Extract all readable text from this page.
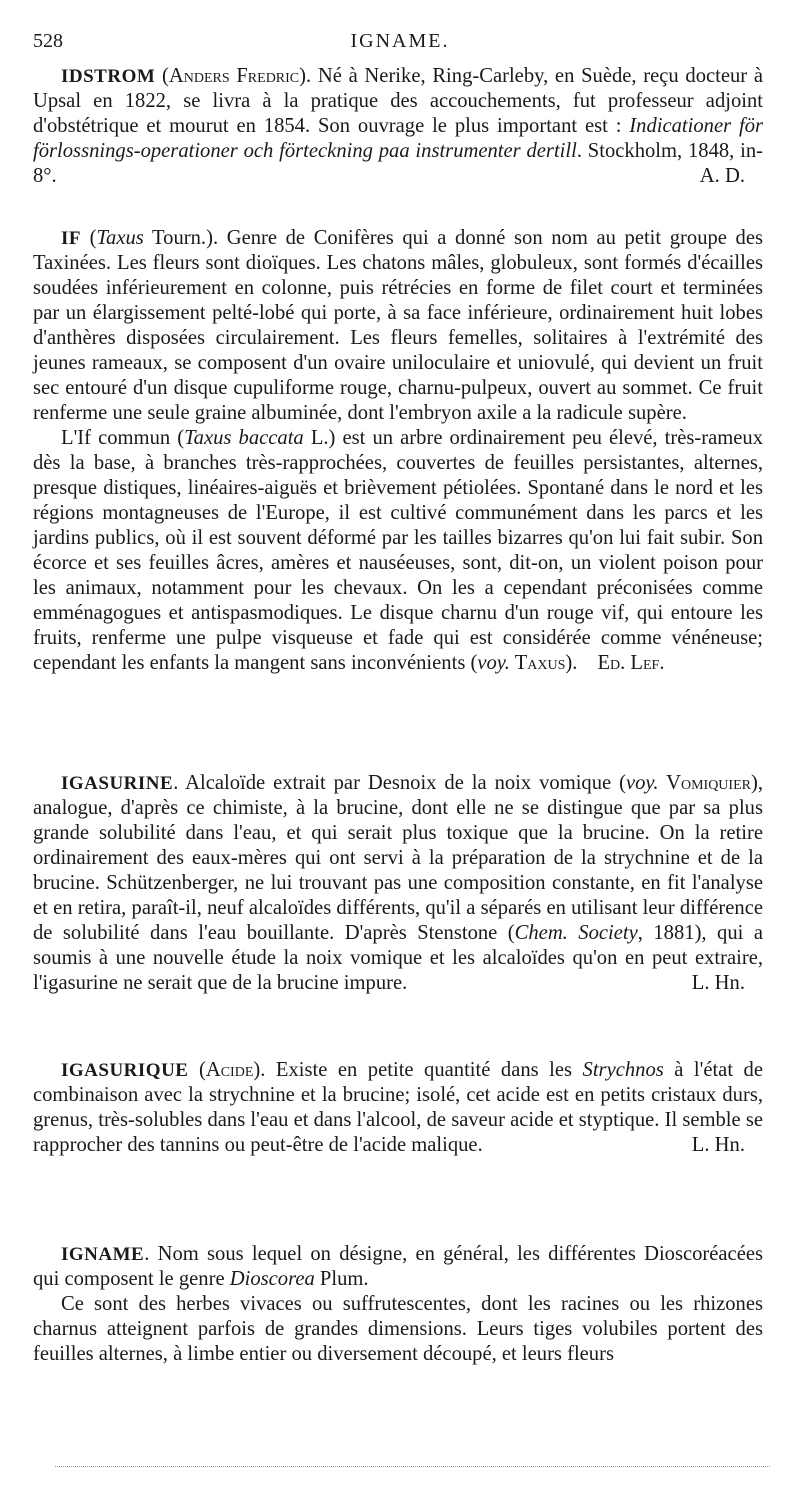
528	IGNAME.

IDSTROM (Anders Fredric). Né à Nerike, Ring-Carleby, en Suède, reçu docteur à Upsal en 1822, se livra à la pratique des accouchements, fut professeur adjoint d'obstétrique et mourut en 1854. Son ouvrage le plus important est : Indicationer för förlossnings-operationer och förteckning paa instrumenter dertill. Stockholm, 1848, in-8°.	A. D.

IF (Taxus Tourn.). Genre de Conifères qui a donné son nom au petit groupe des Taxinées. Les fleurs sont dioïques. Les chatons mâles, globuleux, sont formés d'écailles soudées inférieurement en colonne, puis rétrécies en forme de filet court et terminées par un élargissement pelté-lobé qui porte, à sa face inférieure, ordinairement huit lobes d'anthères disposées circulairement. Les fleurs femelles, solitaires à l'extrémité des jeunes rameaux, se composent d'un ovaire uniloculaire et uniovulé, qui devient un fruit sec entouré d'un disque cupuliforme rouge, charnu-pulpeux, ouvert au sommet. Ce fruit renferme une seule graine albuminée, dont l'embryon axile a la radicule supère.

L'If commun (Taxus baccata L.) est un arbre ordinairement peu élevé, très-rameux dès la base, à branches très-rapprochées, couvertes de feuilles persistantes, alternes, presque distiques, linéaires-aiguës et brièvement pétiolées. Spontané dans le nord et les régions montagneuses de l'Europe, il est cultivé communément dans les parcs et les jardins publics, où il est souvent déformé par les tailles bizarres qu'on lui fait subir. Son écorce et ses feuilles âcres, amères et nauséeuses, sont, dit-on, un violent poison pour les animaux, notamment pour les chevaux. On les a cependant préconisées comme emménagogues et antispasmodiques. Le disque charnu d'un rouge vif, qui entoure les fruits, renferme une pulpe visqueuse et fade qui est considérée comme vénéneuse; cependant les enfants la mangent sans inconvénients (voy. Taxus). Ed. Lef.

IGASURINE. Alcaloïde extrait par Desnoix de la noix vomique (voy. Vomiquier), analogue, d'après ce chimiste, à la brucine, dont elle ne se distingue que par sa plus grande solubilité dans l'eau, et qui serait plus toxique que la brucine. On la retire ordinairement des eaux-mères qui ont servi à la préparation de la strychnine et de la brucine. Schützenberger, ne lui trouvant pas une composition constante, en fit l'analyse et en retira, paraît-il, neuf alcaloïdes différents, qu'il a séparés en utilisant leur différence de solubilité dans l'eau bouillante. D'après Stenstone (Chem. Society, 1881), qui a soumis à une nouvelle étude la noix vomique et les alcaloïdes qu'on en peut extraire, l'igasurine ne serait que de la brucine impure.	L. Hn.

IGASURIQUE (Acide). Existe en petite quantité dans les Strychnos à l'état de combinaison avec la strychnine et la brucine; isolé, cet acide est en petits cristaux durs, grenus, très-solubles dans l'eau et dans l'alcool, de saveur acide et styptique. Il semble se rapprocher des tannins ou peut-être de l'acide malique.	L. Hn.

IGNAME. Nom sous lequel on désigne, en général, les différentes Dioscoréacées qui composent le genre Dioscorea Plum.

Ce sont des herbes vivaces ou suffrutescentes, dont les racines ou les rhizones charnus atteignent parfois de grandes dimensions. Leurs tiges volubiles portent des feuilles alternes, à limbe entier ou diversement découpé, et leurs fleurs
